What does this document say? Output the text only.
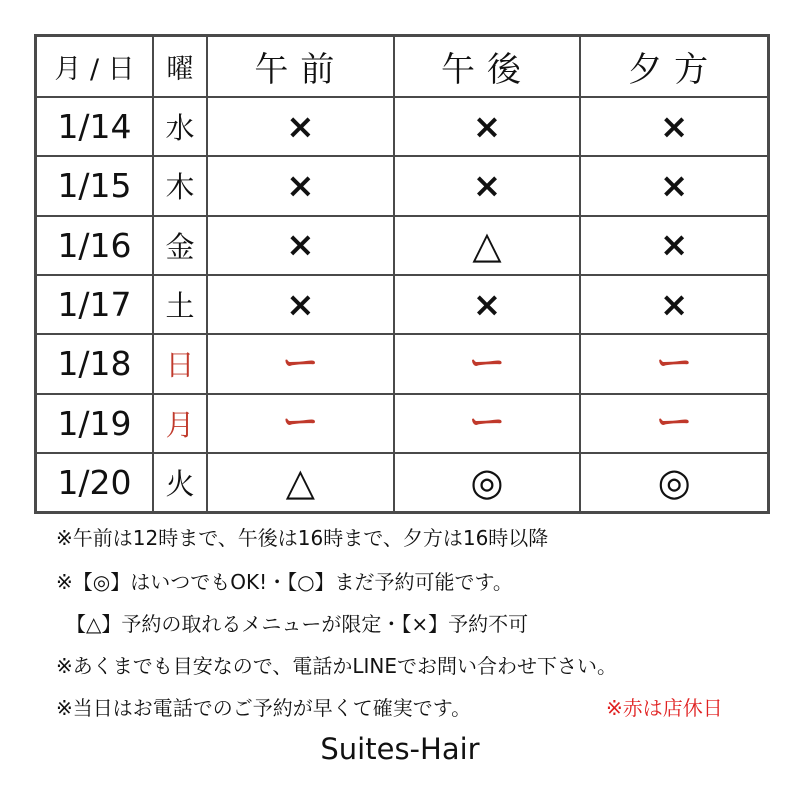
月 / 日	曜	午前	午後	夕方
1/14	水	×	×	×
1/15	木	×	×	×
1/16	金	×	△	×
1/17	土	×	×	×
1/18	日	ー	ー	ー
1/19	月	ー	ー	ー
1/20	火	△	◎	◎
※午前は12時まで、午後は16時まで、夕方は16時以降
※【◎】はいつでもOK!・【○】まだ予約可能です。
　【△】予約の取れるメニューが限定・【×】予約不可
※あくまでも目安なので、電話かLINEでお問い合わせ下さい。
※当日はお電話でのご予約が早くて確実です。	※赤は店休日
Suites-Hair
